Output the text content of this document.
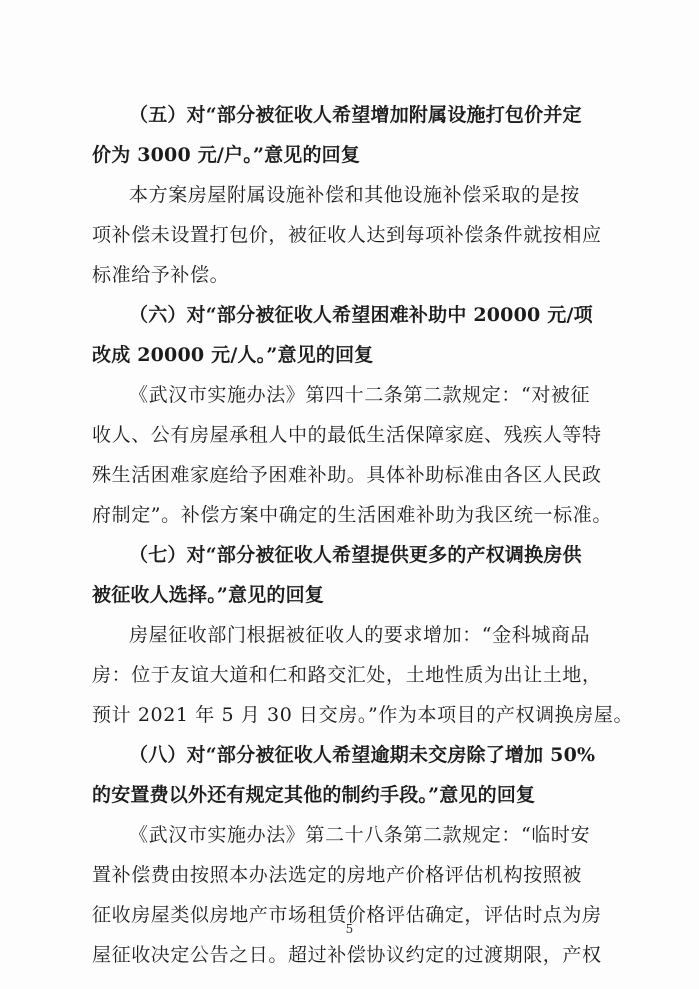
（五）对“部分被征收人希望增加附属设施打包价并定
价为 3000 元/户。”意见的回复
本方案房屋附属设施补偿和其他设施补偿采取的是按
项补偿未设置打包价，被征收人达到每项补偿条件就按相应
标准给予补偿。
（六）对“部分被征收人希望困难补助中 20000 元/项
改成 20000 元/人。”意见的回复
《武汉市实施办法》第四十二条第二款规定：“对被征
收人、公有房屋承租人中的最低生活保障家庭、残疾人等特
殊生活困难家庭给予困难补助。具体补助标准由各区人民政
府制定”。补偿方案中确定的生活困难补助为我区统一标准。
（七）对“部分被征收人希望提供更多的产权调换房供
被征收人选择。”意见的回复
房屋征收部门根据被征收人的要求增加：“金科城商品
房：位于友谊大道和仁和路交汇处，土地性质为出让土地，
预计 2021 年 5 月 30 日交房。”作为本项目的产权调换房屋。
（八）对“部分被征收人希望逾期未交房除了增加 50%
的安置费以外还有规定其他的制约手段。”意见的回复
《武汉市实施办法》第二十八条第二款规定：“临时安
置补偿费由按照本办法选定的房地产价格评估机构按照被
征收房屋类似房地产市场租赁价格评估确定，评估时点为房
屋征收决定公告之日。超过补偿协议约定的过渡期限，产权
5
